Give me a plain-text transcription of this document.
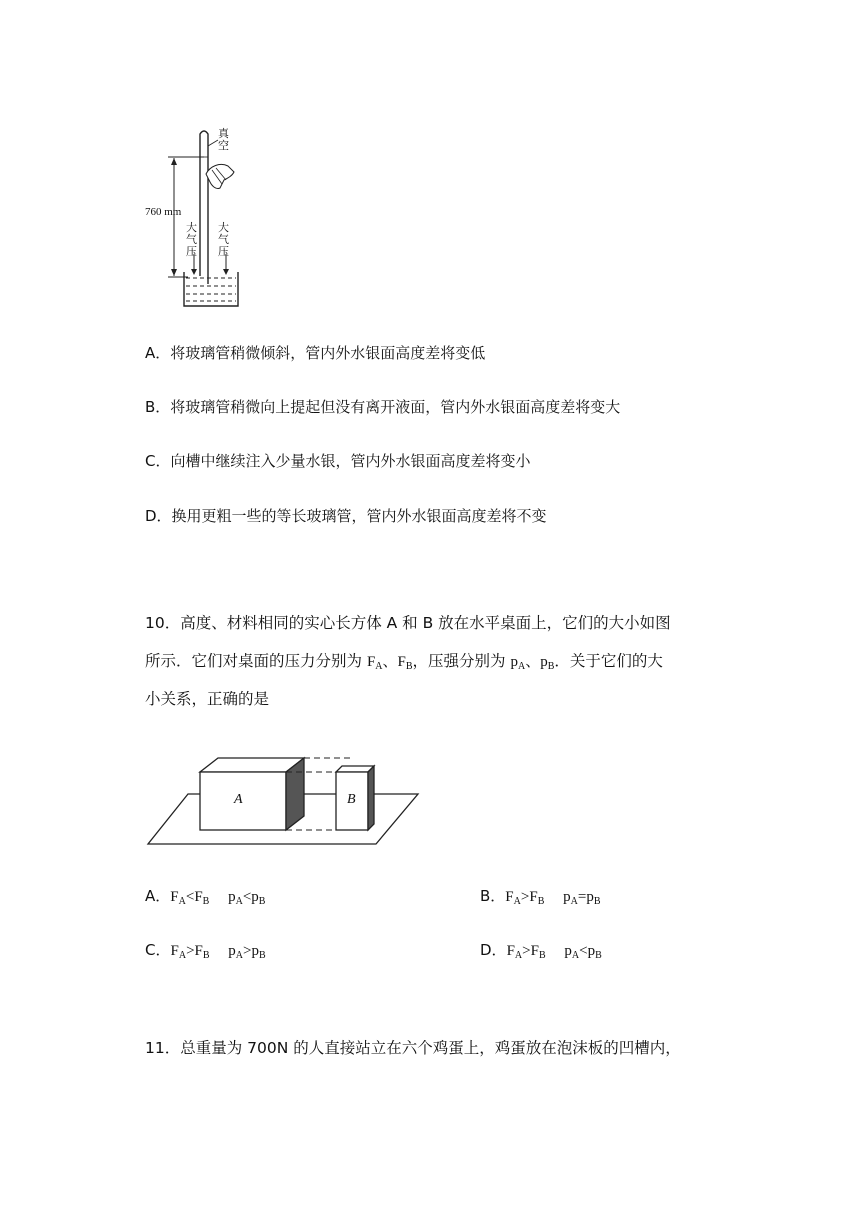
真空
760 mm
大气压
大气压
A．将玻璃管稍微倾斜，管内外水银面高度差将变低
B．将玻璃管稍微向上提起但没有离开液面，管内外水银面高度差将变大
C．向槽中继续注入少量水银，管内外水银面高度差将变小
D．换用更粗一些的等长玻璃管，管内外水银面高度差将不变
10．高度、材料相同的实心长方体 A 和 B 放在水平桌面上，它们的大小如图
所示．它们对桌面的压力分别为 $F_A$、$F_B$，压强分别为 $p_A$、$p_B$．关于它们的大
小关系，正确的是
A	B
A．$F_A<F_B$     $p_A<p_B$	B．$F_A>F_B$     $p_A=p_B$
C．$F_A>F_B$     $p_A>p_B$	D．$F_A>F_B$     $p_A<p_B$
11．总重量为 700N 的人直接站立在六个鸡蛋上，鸡蛋放在泡沫板的凹槽内，
